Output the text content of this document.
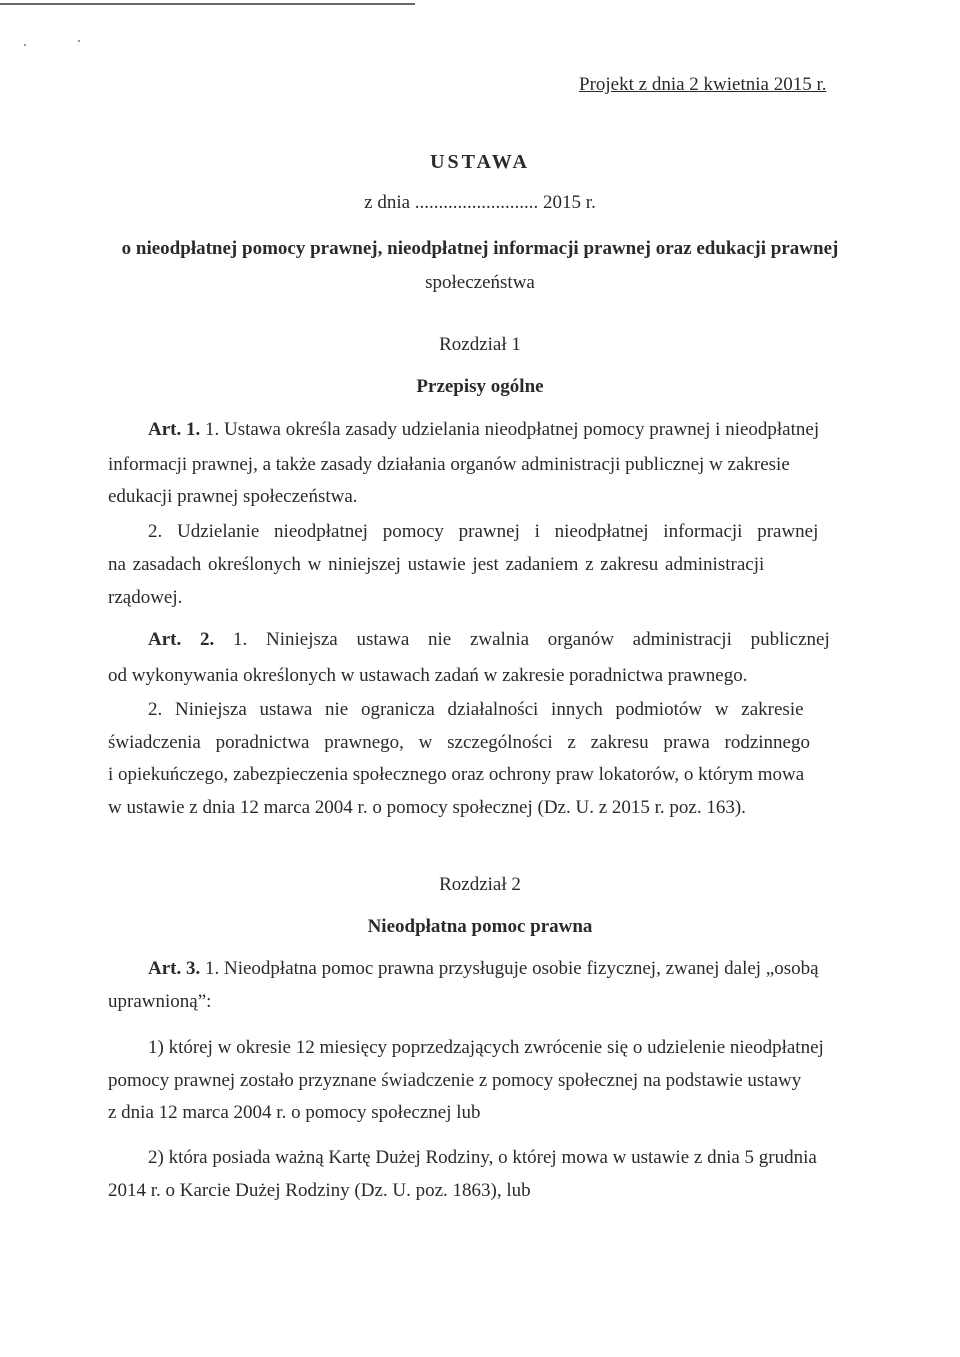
Projekt z dnia 2 kwietnia 2015 r.
USTAWA
z dnia .......................... 2015 r.
o nieodpłatnej pomocy prawnej, nieodpłatnej informacji prawnej oraz edukacji prawnej
społeczeństwa
Rozdział 1
Przepisy ogólne
Art. 1. 1. Ustawa określa zasady udzielania nieodpłatnej pomocy prawnej i nieodpłatnej
informacji prawnej, a także zasady działania organów administracji publicznej w zakresie
edukacji prawnej społeczeństwa.
2. Udzielanie nieodpłatnej pomocy prawnej i nieodpłatnej informacji prawnej
na zasadach określonych w niniejszej ustawie jest zadaniem z zakresu administracji
rządowej.
Art. 2. 1. Niniejsza ustawa nie zwalnia organów administracji publicznej
od wykonywania określonych w ustawach zadań w zakresie poradnictwa prawnego.
2. Niniejsza ustawa nie ogranicza działalności innych podmiotów w zakresie
świadczenia poradnictwa prawnego, w szczególności z zakresu prawa rodzinnego
i opiekuńczego, zabezpieczenia społecznego oraz ochrony praw lokatorów, o którym mowa
w ustawie z dnia 12 marca 2004 r. o pomocy społecznej (Dz. U. z 2015 r. poz. 163).
Rozdział 2
Nieodpłatna pomoc prawna
Art. 3. 1. Nieodpłatna pomoc prawna przysługuje osobie fizycznej, zwanej dalej „osobą
uprawnioną”:
1) której w okresie 12 miesięcy poprzedzających zwrócenie się o udzielenie nieodpłatnej
pomocy prawnej zostało przyznane świadczenie z pomocy społecznej na podstawie ustawy
z dnia 12 marca 2004 r. o pomocy społecznej lub
2) która posiada ważną Kartę Dużej Rodziny, o której mowa w ustawie z dnia 5 grudnia
2014 r. o Karcie Dużej Rodziny (Dz. U. poz. 1863), lub
